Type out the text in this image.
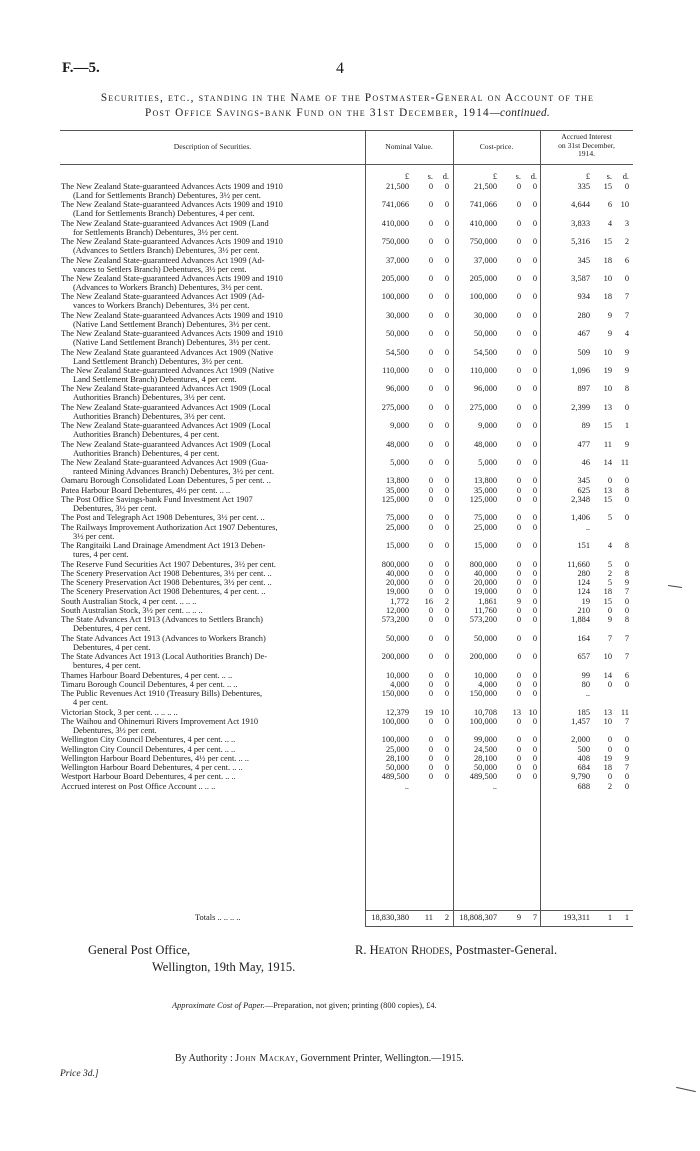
F.—5.	4
Securities, etc., standing in the Name of the Postmaster-General on Account of the
Post Office Savings-bank Fund on the 31st December, 1914—continued.
Description of Securities.	Nominal Value.	Cost-price.
Accrued Interest
on 31st December,
1914.
£ s. d.	£ s. d.	£ s. d.
The New Zealand State-guaranteed Advances Acts 1909 and 1910
(Land for Settlements Branch) Debentures, 3½ per cent.
21,500 0 0	21,500 0 0	335 15 0
The New Zealand State-guaranteed Advances Acts 1909 and 1910
(Land for Settlements Branch) Debentures, 4 per cent.
741,066 0 0	741,066 0 0	4,644 6 10
The New Zealand State-guaranteed Advances Act 1909 (Land
for Settlements Branch) Debentures, 3½ per cent.
410,000 0 0	410,000 0 0	3,833 4 3
The New Zealand State-guaranteed Advances Acts 1909 and 1910
(Advances to Settlers Branch) Debentures, 3½ per cent.
750,000 0 0	750,000 0 0	5,316 15 2
The New Zealand State-guaranteed Advances Act 1909 (Ad-
vances to Settlers Branch) Debentures, 3½ per cent.
37,000 0 0	37,000 0 0	345 18 6
The New Zealand State-guaranteed Advances Acts 1909 and 1910
(Advances to Workers Branch) Debentures, 3½ per cent.
205,000 0 0	205,000 0 0	3,587 10 0
The New Zealand State-guaranteed Advances Act 1909 (Ad-
vances to Workers Branch) Debentures, 3½ per cent.
100,000 0 0	100,000 0 0	934 18 7
The New Zealand State-guaranteed Advances Acts 1909 and 1910
(Native Land Settlement Branch) Debentures, 3½ per cent.
30,000 0 0	30,000 0 0	280 9 7
The New Zealand State-guaranteed Advances Acts 1909 and 1910
(Native Land Settlement Branch) Debentures, 3½ per cent.
50,000 0 0	50,000 0 0	467 9 4
The New Zealand State guaranteed Advances Act 1909 (Native
Land Settlement Branch) Debentures, 3½ per cent.
54,500 0 0	54,500 0 0	509 10 9
The New Zealand State-guaranteed Advances Act 1909 (Native
Land Settlement Branch) Debentures, 4 per cent.
110,000 0 0	110,000 0 0	1,096 19 9
The New Zealand State-guaranteed Advances Act 1909 (Local
Authorities Branch) Debentures, 3½ per cent.
96,000 0 0	96,000 0 0	897 10 8
The New Zealand State-guaranteed Advances Act 1909 (Local
Authorities Branch) Debentures, 3½ per cent.
275,000 0 0	275,000 0 0	2,399 13 0
The New Zealand State-guaranteed Advances Act 1909 (Local
Authorities Branch) Debentures, 4 per cent.
9,000 0 0	9,000 0 0	89 15 1
The New Zealand State-guaranteed Advances Act 1909 (Local
Authorities Branch) Debentures, 4 per cent.
48,000 0 0	48,000 0 0	477 11 9
The New Zealand State-guaranteed Advances Act 1909 (Gua-
ranteed Mining Advances Branch) Debentures, 3½ per cent.
5,000 0 0	5,000 0 0	46 14 11
Oamaru Borough Consolidated Loan Debentures, 5 per cent. ..	13,800 0 0	13,800 0 0	345 0 0
Patea Harbour Board Debentures, 4½ per cent. .. ..	35,000 0 0	35,000 0 0	625 13 8
The Post Office Savings-bank Fund Investment Act 1907
Debentures, 3½ per cent.
125,000 0 0	125,000 0 0	2,348 15 0
The Post and Telegraph Act 1908 Debentures, 3½ per cent. ..	75,000 0 0	75,000 0 0	1,406 5 0
The Railways Improvement Authorization Act 1907 Debentures,
3½ per cent.
25,000 0 0	25,000 0 0	..
The Rangitaiki Land Drainage Amendment Act 1913 Deben-
tures, 4 per cent.
15,000 0 0	15,000 0 0	151 4 8
The Reserve Fund Securities Act 1907 Debentures, 3½ per cent.	800,000 0 0	800,000 0 0	11,660 5 0
The Scenery Preservation Act 1908 Debentures, 3½ per cent. ..	40,000 0 0	40,000 0 0	280 2 8
The Scenery Preservation Act 1908 Debentures, 3½ per cent. ..	20,000 0 0	20,000 0 0	124 5 9
The Scenery Preservation Act 1908 Debentures, 4 per cent. ..	19,000 0 0	19,000 0 0	124 18 7
South Australian Stock, 4 per cent. .. .. ..	1,772 16 2	1,861 9 0	19 15 0
South Australian Stock, 3½ per cent. .. .. ..	12,000 0 0	11,760 0 0	210 0 0
The State Advances Act 1913 (Advances to Settlers Branch)
Debentures, 4 per cent.
573,200 0 0	573,200 0 0	1,884 9 8
The State Advances Act 1913 (Advances to Workers Branch)
Debentures, 4 per cent.
50,000 0 0	50,000 0 0	164 7 7
The State Advances Act 1913 (Local Authorities Branch) De-
bentures, 4 per cent.
200,000 0 0	200,000 0 0	657 10 7
Thames Harbour Board Debentures, 4 per cent. .. ..	10,000 0 0	10,000 0 0	99 14 6
Timaru Borough Council Debentures, 4 per cent. .. ..	4,000 0 0	4,000 0 0	80 0 0
The Public Revenues Act 1910 (Treasury Bills) Debentures,
4 per cent.
150,000 0 0	150,000 0 0	..
Victorian Stock, 3 per cent. .. .. .. ..	12,379 19 10	10,708 13 10	185 13 11
The Waihou and Ohinemuri Rivers Improvement Act 1910
Debentures, 3½ per cent.
100,000 0 0	100,000 0 0	1,457 10 7
Wellington City Council Debentures, 4 per cent. .. ..	100,000 0 0	99,000 0 0	2,000 0 0
Wellington City Council Debentures, 4 per cent. .. ..	25,000 0 0	24,500 0 0	500 0 0
Wellington Harbour Board Debentures, 4½ per cent. .. ..	28,100 0 0	28,100 0 0	408 19 9
Wellington Harbour Board Debentures, 4 per cent. .. ..	50,000 0 0	50,000 0 0	684 18 7
Westport Harbour Board Debentures, 4 per cent. .. ..	489,500 0 0	489,500 0 0	9,790 0 0
Accrued interest on Post Office Account .. .. ..	..	..	688 2 0
Totals .. .. .. ..	18,830,380 11 2	18,808,307 9 7	193,311 1 1
General Post Office,
Wellington, 19th May, 1915.
R. Heaton Rhodes, Postmaster-General.
Approximate Cost of Paper.—Preparation, not given; printing (800 copies), £4.
By Authority : John Mackay, Government Printer, Wellington.—1915.
Price 3d.]
